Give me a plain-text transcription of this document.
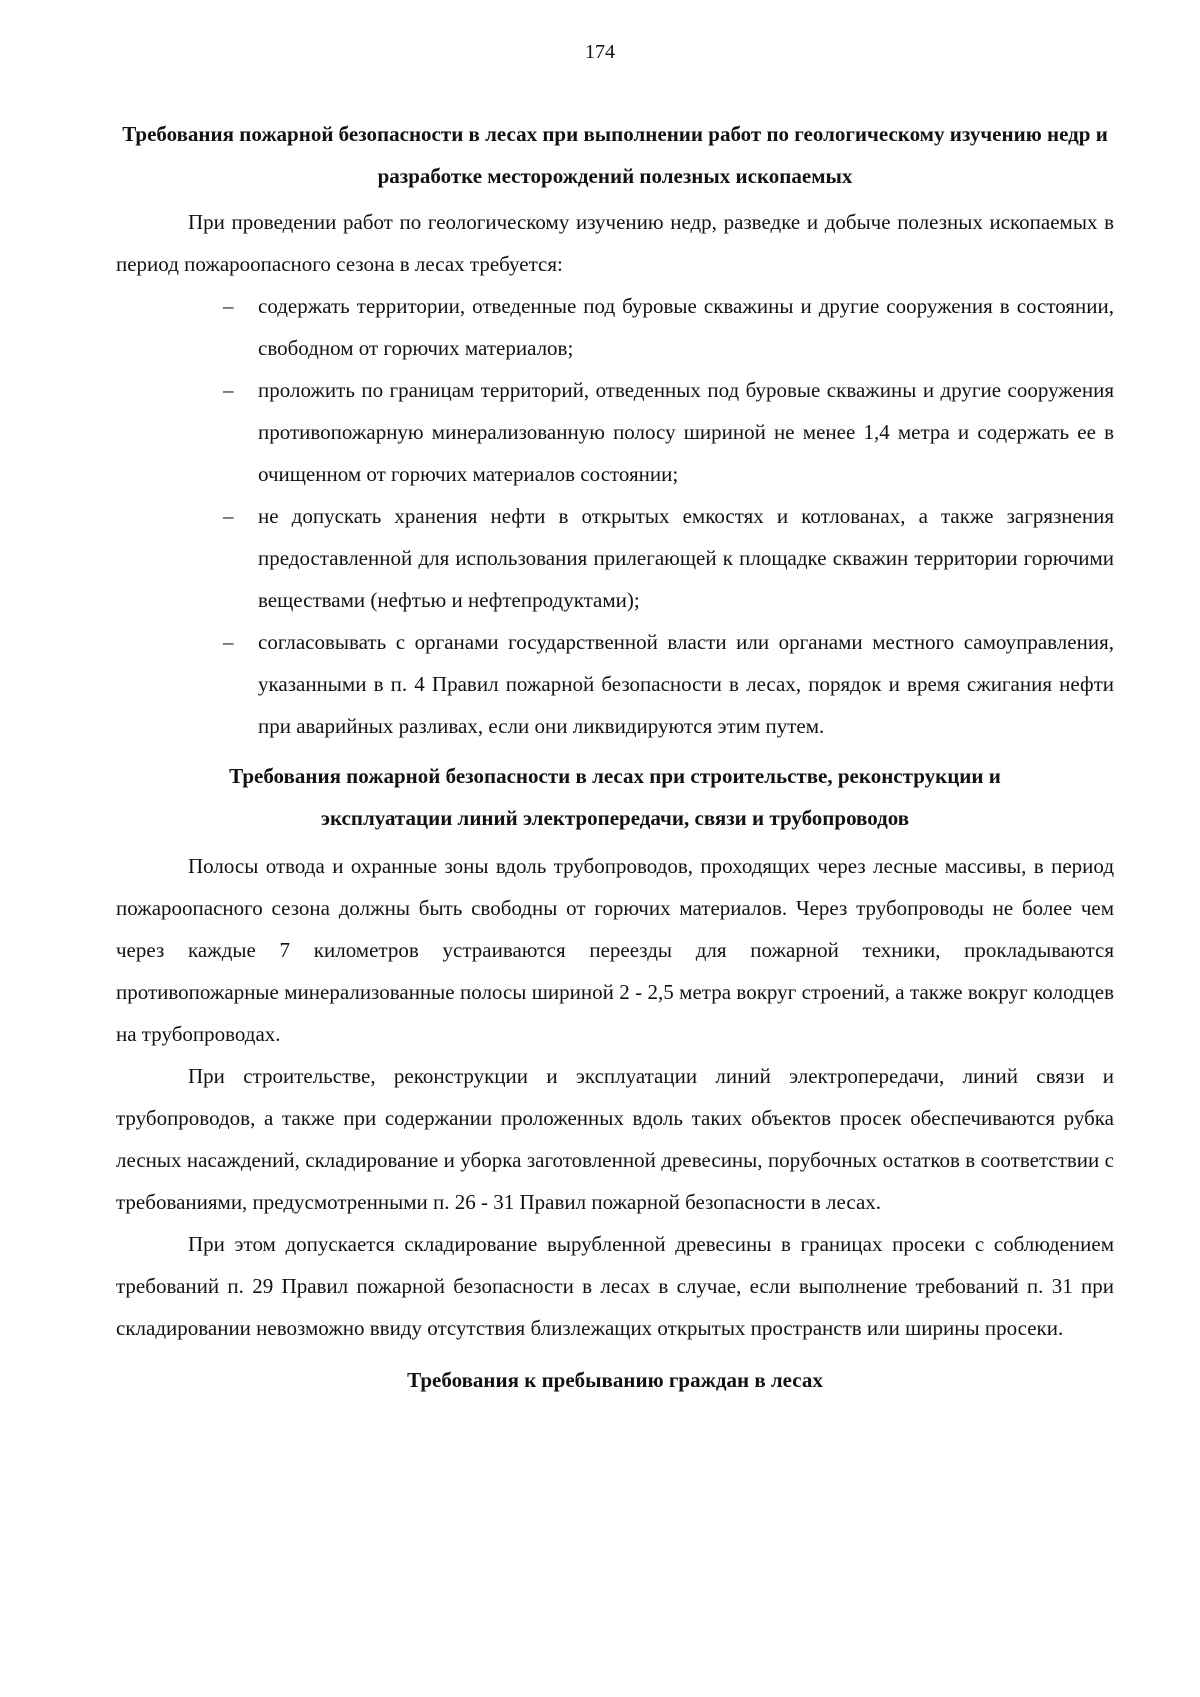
174

Требования пожарной безопасности в лесах при выполнении работ по геологическому изучению недр и разработке месторождений полезных ископаемых

При проведении работ по геологическому изучению недр, разведке и добыче полезных ископаемых в период пожароопасного сезона в лесах требуется:

– содержать территории, отведенные под буровые скважины и другие сооружения в состоянии, свободном от горючих материалов;
– проложить по границам территорий, отведенных под буровые скважины и другие сооружения противопожарную минерализованную полосу шириной не менее 1,4 метра и содержать ее в очищенном от горючих материалов состоянии;
– не допускать хранения нефти в открытых емкостях и котлованах, а также загрязнения предоставленной для использования прилегающей к площадке скважин территории горючими веществами (нефтью и нефтепродуктами);
– согласовывать с органами государственной власти или органами местного самоуправления, указанными в п. 4 Правил пожарной безопасности в лесах, порядок и время сжигания нефти при аварийных разливах, если они ликвидируются этим путем.
Требования пожарной безопасности в лесах при строительстве, реконструкции и
эксплуатации линий электропередачи, связи и трубопроводов

Полосы отвода и охранные зоны вдоль трубопроводов, проходящих через лесные массивы, в период пожароопасного сезона должны быть свободны от горючих материалов. Через трубопроводы не более чем через каждые 7 километров устраиваются переезды для пожарной техники, прокладываются противопожарные минерализованные полосы шириной 2 - 2,5 метра вокруг строений, а также вокруг колодцев на трубопроводах.

При строительстве, реконструкции и эксплуатации линий электропередачи, линий связи и трубопроводов, а также при содержании проложенных вдоль таких объектов просек обеспечиваются рубка лесных насаждений, складирование и уборка заготовленной древесины, порубочных остатков в соответствии с требованиями, предусмотренными п. 26 - 31 Правил пожарной безопасности в лесах.

При этом допускается складирование вырубленной древесины в границах просеки с соблюдением требований п. 29 Правил пожарной безопасности в лесах в случае, если выполнение требований п. 31 при складировании невозможно ввиду отсутствия близлежащих открытых пространств или ширины просеки.

Требования к пребыванию граждан в лесах
